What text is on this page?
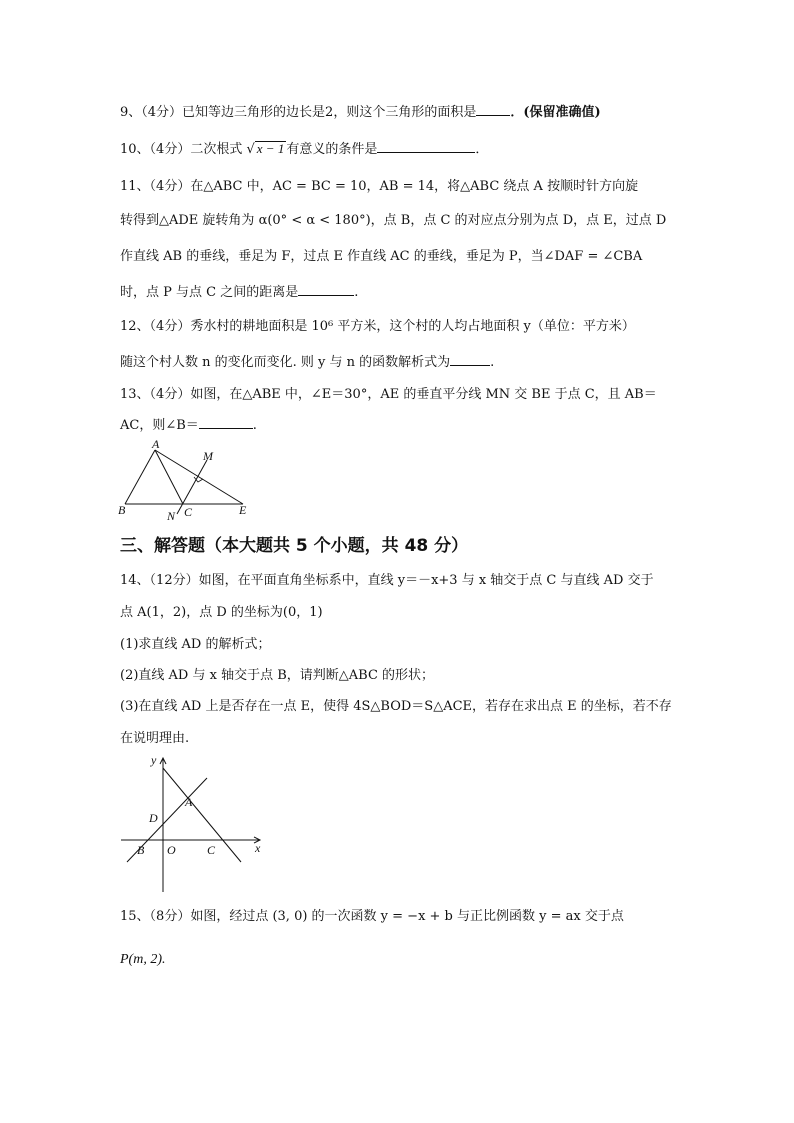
9、（4分）已知等边三角形的边长是2，则这个三角形的面积是	．(保留准确值)
10、（4分）二次根式 √ x − 1 有意义的条件是	．
11、（4分）在△ABC 中，AC = BC = 10，AB = 14，将△ABC 绕点 A 按顺时针方向旋
转得到△ADE 旋转角为 α(0° < α < 180°)，点 B，点 C 的对应点分别为点 D，点 E，过点 D
作直线 AB 的垂线，垂足为 F，过点 E 作直线 AC 的垂线，垂足为 P，当∠DAF = ∠CBA
时，点 P 与点 C 之间的距离是	.
12、（4分）秀水村的耕地面积是 10⁶ 平方米，这个村的人均占地面积 y（单位：平方米）
随这个村人数 n 的变化而变化. 则 y 与 n 的函数解析式为	.
13、（4分）如图，在△ABE 中，∠E＝30°，AE 的垂直平分线 MN 交 BE 于点 C，且 AB＝
AC，则∠B＝	.
A
M
B	N C	E
三、解答题（本大题共 5 个小题，共 48 分）
14、（12分）如图，在平面直角坐标系中，直线 y＝－x+3 与 x 轴交于点 C 与直线 AD 交于
点 A(1，2)，点 D 的坐标为(0，1)
(1)求直线 AD 的解析式；
(2)直线 AD 与 x 轴交于点 B，请判断△ABC 的形状；
(3)在直线 AD 上是否存在一点 E，使得 4S△BOD＝S△ACE，若存在求出点 E 的坐标，若不存
在说明理由.
y
x
A
D
B O	C
15、（8分）如图，经过点 (3, 0) 的一次函数 y = −x + b 与正比例函数 y = ax 交于点
P(m, 2).
